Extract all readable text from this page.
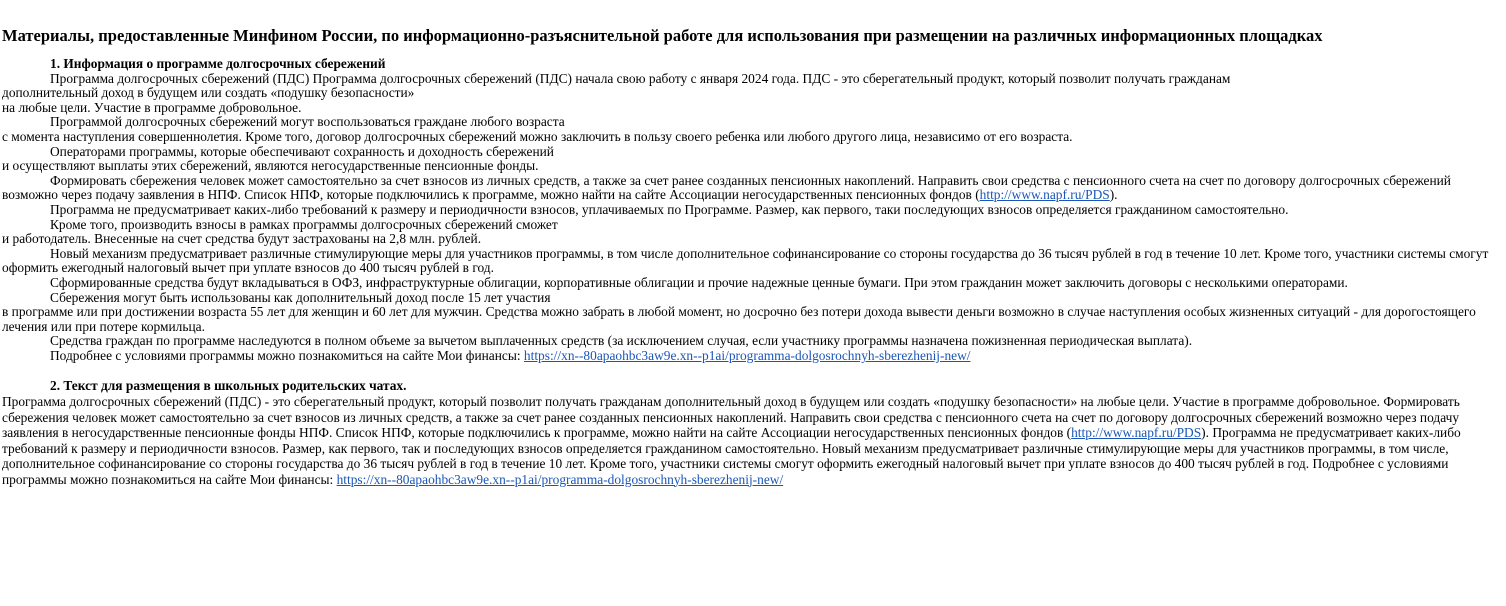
Материалы, предоставленные Минфином России, по информационно-разъяснительной работе для использования при размещении на различных информационных площадках

1. Информация о программе долгосрочных сбережений

Программа долгосрочных сбережений (ПДС) Программа долгосрочных сбережений (ПДС) начала свою работу с января 2024 года. ПДС - это сберегательный продукт, который позволит получать гражданам
дополнительный доход в будущем или создать «подушку безопасности»
на любые цели. Участие в программе добровольное.

Программой долгосрочных сбережений могут воспользоваться граждане любого возраста
с момента наступления совершеннолетия. Кроме того, договор долгосрочных сбережений можно заключить в пользу своего ребенка или любого другого лица, независимо от его возраста.

Операторами программы, которые обеспечивают сохранность и доходность сбережений
и осуществляют выплаты этих сбережений, являются негосударственные пенсионные фонды.

Формировать сбережения человек может самостоятельно за счет взносов из личных средств, а также за счет ранее созданных пенсионных накоплений. Направить свои средства с пенсионного счета на счет по договору долгосрочных сбережений возможно через подачу заявления в НПФ. Список НПФ, которые подключились к программе, можно найти на сайте Ассоциации негосударственных пенсионных фондов (http://www.napf.ru/PDS).

Программа не предусматривает каких-либо требований к размеру и периодичности взносов, уплачиваемых по Программе. Размер, как первого, таки последующих взносов определяется гражданином самостоятельно.

Кроме того, производить взносы в рамках программы долгосрочных сбережений сможет
и работодатель. Внесенные на счет средства будут застрахованы на 2,8 млн. рублей.

Новый механизм предусматривает различные стимулирующие меры для участников программы, в том числе дополнительное софинансирование со стороны государства до 36 тысяч рублей в год в течение 10 лет. Кроме того, участники системы смогут оформить ежегодный налоговый вычет при уплате взносов до 400 тысяч рублей в год.

Сформированные средства будут вкладываться в ОФЗ, инфраструктурные облигации, корпоративные облигации и прочие надежные ценные бумаги. При этом гражданин может заключить договоры с несколькими операторами.

Сбережения могут быть использованы как дополнительный доход после 15 лет участия
в программе или при достижении возраста 55 лет для женщин и 60 лет для мужчин. Средства можно забрать в любой момент, но досрочно без потери дохода вывести деньги возможно в случае наступления особых жизненных ситуаций - для дорогостоящего лечения или при потере кормильца.

Средства граждан по программе наследуются в полном объеме за вычетом выплаченных средств (за исключением случая, если участнику программы назначена пожизненная периодическая выплата).

Подробнее с условиями программы можно познакомиться на сайте Мои финансы: https://xn--80apaohbc3aw9e.xn--p1ai/programma-dolgosrochnyh-sberezhenij-new/

2. Текст для размещения в школьных родительских чатах.

Программа долгосрочных сбережений (ПДС) - это сберегательный продукт, который позволит получать гражданам дополнительный доход в будущем или создать «подушку безопасности» на любые цели. Участие в программе добровольное. Формировать сбережения человек может самостоятельно за счет взносов из личных средств, а также за счет ранее созданных пенсионных накоплений. Направить свои средства с пенсионного счета на счет по договору долгосрочных сбережений возможно через подачу заявления в негосударственные пенсионные фонды НПФ. Список НПФ, которые подключились к программе, можно найти на сайте Ассоциации негосударственных пенсионных фондов (http://www.napf.ru/PDS). Программа не предусматривает каких-либо требований к размеру и периодичности взносов. Размер, как первого, так и последующих взносов определяется гражданином самостоятельно. Новый механизм предусматривает различные стимулирующие меры для участников программы, в том числе, дополнительное софинансирование со стороны государства до 36 тысяч рублей в год в течение 10 лет. Кроме того, участники системы смогут оформить ежегодный налоговый вычет при уплате взносов до 400 тысяч рублей в год. Подробнее с условиями программы можно познакомиться на сайте Мои финансы: https://xn--80apaohbc3aw9e.xn--p1ai/programma-dolgosrochnyh-sberezhenij-new/
